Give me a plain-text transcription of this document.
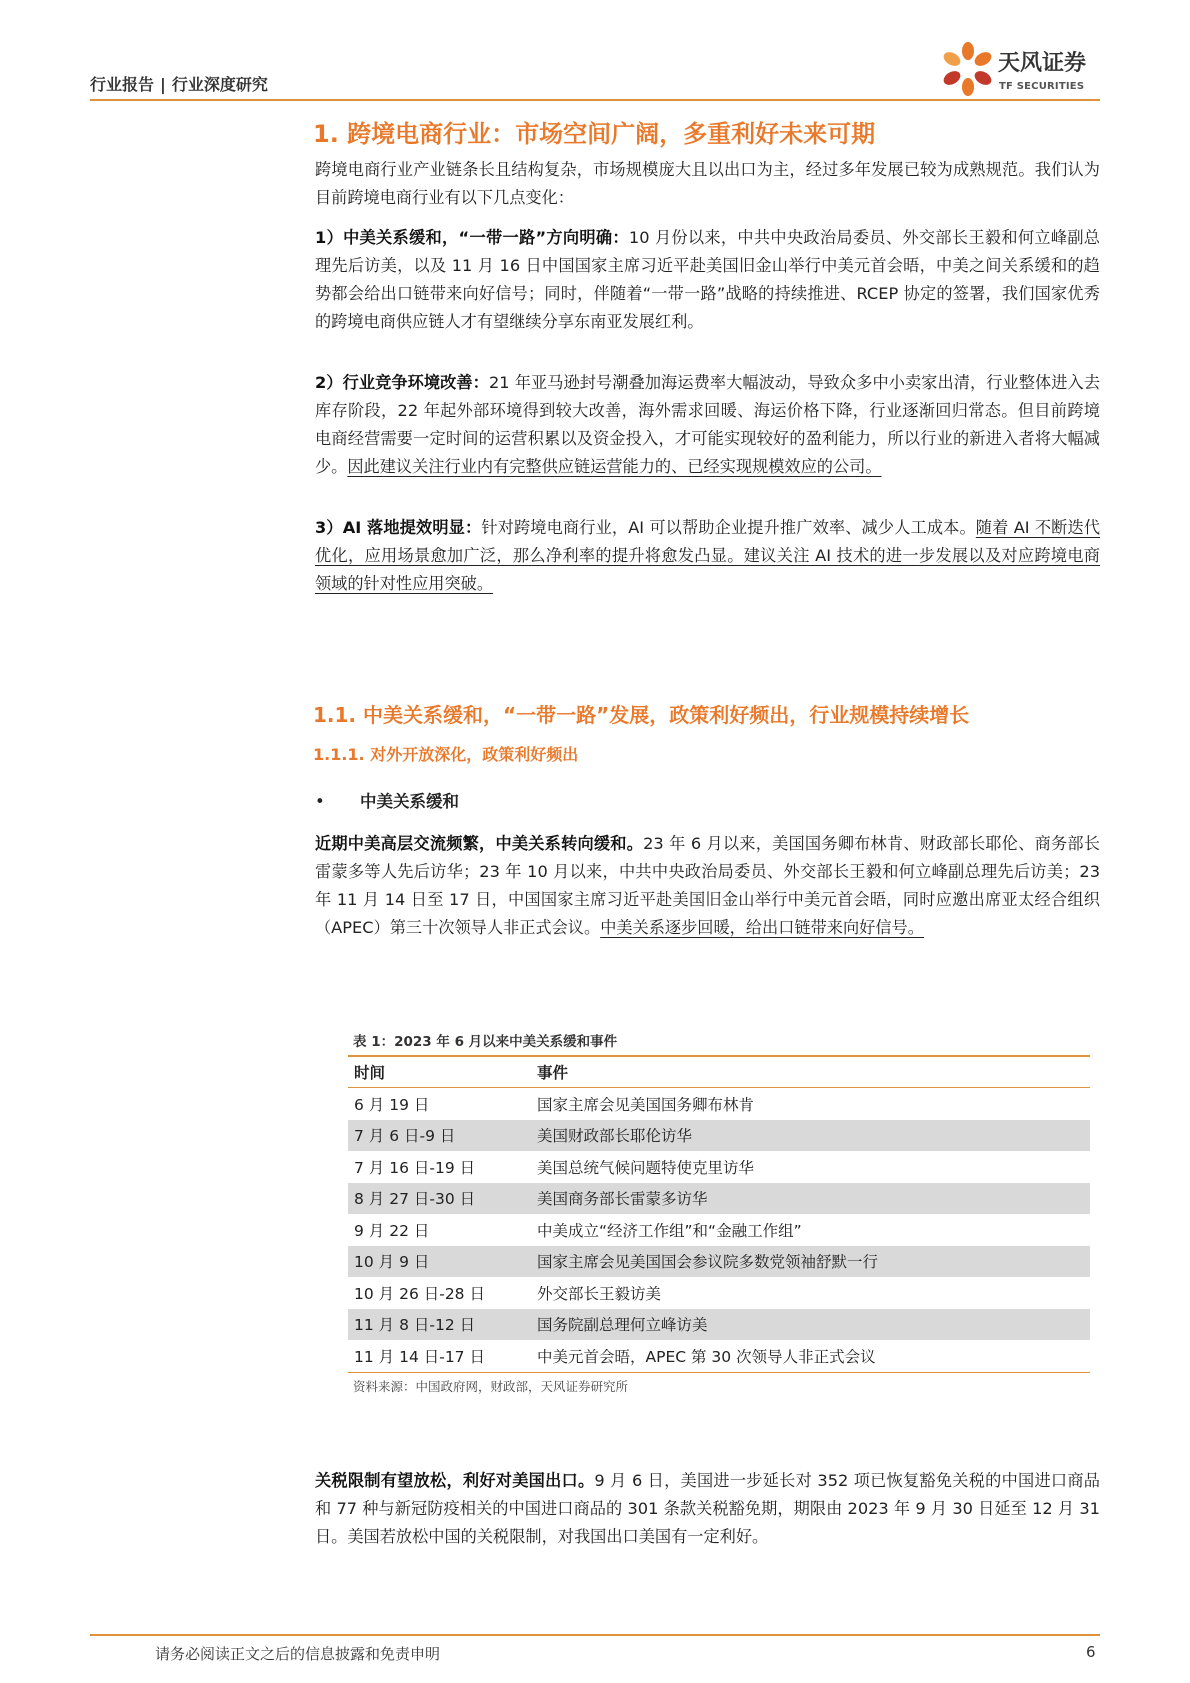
行业报告 | 行业深度研究
天风证券
TF SECURITIES
1. 跨境电商行业：市场空间广阔，多重利好未来可期
跨境电商行业产业链条长且结构复杂，市场规模庞大且以出口为主，经过多年发展已较为成熟规范。我们认为目前跨境电商行业有以下几点变化：
1）中美关系缓和，“一带一路”方向明确：10 月份以来，中共中央政治局委员、外交部长王毅和何立峰副总理先后访美，以及 11 月 16 日中国国家主席习近平赴美国旧金山举行中美元首会晤，中美之间关系缓和的趋势都会给出口链带来向好信号；同时，伴随着“一带一路”战略的持续推进、RCEP 协定的签署，我们国家优秀的跨境电商供应链人才有望继续分享东南亚发展红利。
2）行业竞争环境改善：21 年亚马逊封号潮叠加海运费率大幅波动，导致众多中小卖家出清，行业整体进入去库存阶段，22 年起外部环境得到较大改善，海外需求回暖、海运价格下降，行业逐渐回归常态。但目前跨境电商经营需要一定时间的运营积累以及资金投入，才可能实现较好的盈利能力，所以行业的新进入者将大幅减少。因此建议关注行业内有完整供应链运营能力的、已经实现规模效应的公司。
3）AI 落地提效明显：针对跨境电商行业，AI 可以帮助企业提升推广效率、减少人工成本。随着 AI 不断迭代优化，应用场景愈加广泛，那么净利率的提升将愈发凸显。建议关注 AI 技术的进一步发展以及对应跨境电商领域的针对性应用突破。
1.1. 中美关系缓和，“一带一路”发展，政策利好频出，行业规模持续增长
1.1.1. 对外开放深化，政策利好频出
• 中美关系缓和
近期中美高层交流频繁，中美关系转向缓和。23 年 6 月以来，美国国务卿布林肯、财政部长耶伦、商务部长雷蒙多等人先后访华；23 年 10 月以来，中共中央政治局委员、外交部长王毅和何立峰副总理先后访美；23 年 11 月 14 日至 17 日，中国国家主席习近平赴美国旧金山举行中美元首会晤，同时应邀出席亚太经合组织（APEC）第三十次领导人非正式会议。中美关系逐步回暖，给出口链带来向好信号。
表 1：2023 年 6 月以来中美关系缓和事件
时间	事件
6 月 19 日	国家主席会见美国国务卿布林肯
7 月 6 日-9 日	美国财政部长耶伦访华
7 月 16 日-19 日	美国总统气候问题特使克里访华
8 月 27 日-30 日	美国商务部长雷蒙多访华
9 月 22 日	中美成立“经济工作组”和“金融工作组”
10 月 9 日	国家主席会见美国国会参议院多数党领袖舒默一行
10 月 26 日-28 日	外交部长王毅访美
11 月 8 日-12 日	国务院副总理何立峰访美
11 月 14 日-17 日	中美元首会晤，APEC 第 30 次领导人非正式会议
资料来源：中国政府网，财政部，天风证券研究所
关税限制有望放松，利好对美国出口。9 月 6 日，美国进一步延长对 352 项已恢复豁免关税的中国进口商品和 77 种与新冠防疫相关的中国进口商品的 301 条款关税豁免期，期限由 2023 年 9 月 30 日延至 12 月 31 日。美国若放松中国的关税限制，对我国出口美国有一定利好。
请务必阅读正文之后的信息披露和免责申明	6
